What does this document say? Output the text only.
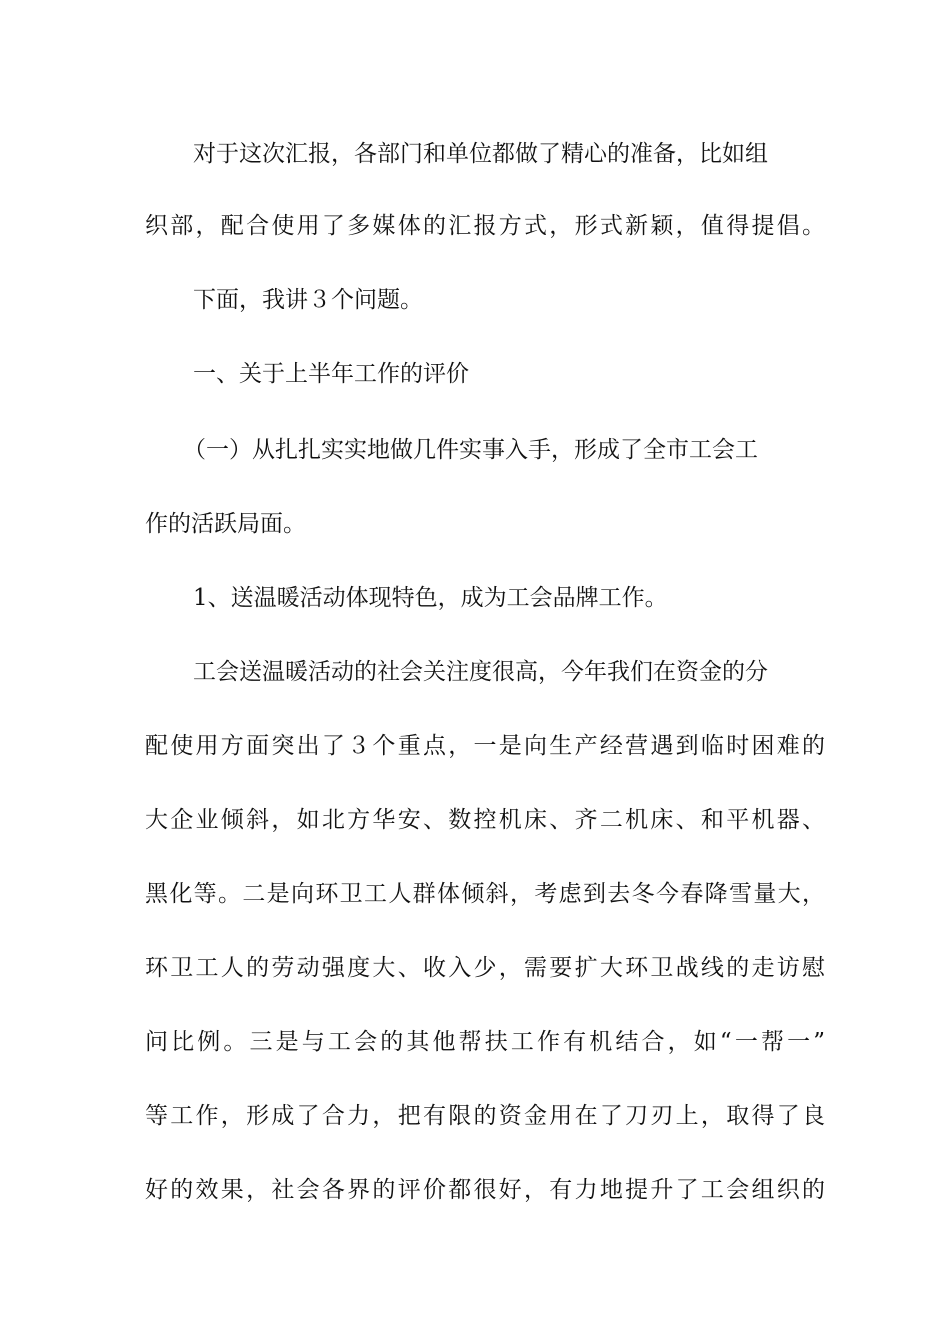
对于这次汇报，各部门和单位都做了精心的准备，比如组
织部，配合使用了多媒体的汇报方式，形式新颖，值得提倡。
下面，我讲３个问题。
一、关于上半年工作的评价
（一）从扎扎实实地做几件实事入手，形成了全市工会工
作的活跃局面。
1、送温暖活动体现特色，成为工会品牌工作。
工会送温暖活动的社会关注度很高，今年我们在资金的分
配使用方面突出了３个重点，一是向生产经营遇到临时困难的
大企业倾斜，如北方华安、数控机床、齐二机床、和平机器、
黑化等。二是向环卫工人群体倾斜，考虑到去冬今春降雪量大，
环卫工人的劳动强度大、收入少，需要扩大环卫战线的走访慰
问比例。三是与工会的其他帮扶工作有机结合，如“一帮一”
等工作，形成了合力，把有限的资金用在了刀刃上，取得了良
好的效果，社会各界的评价都很好，有力地提升了工会组织的
